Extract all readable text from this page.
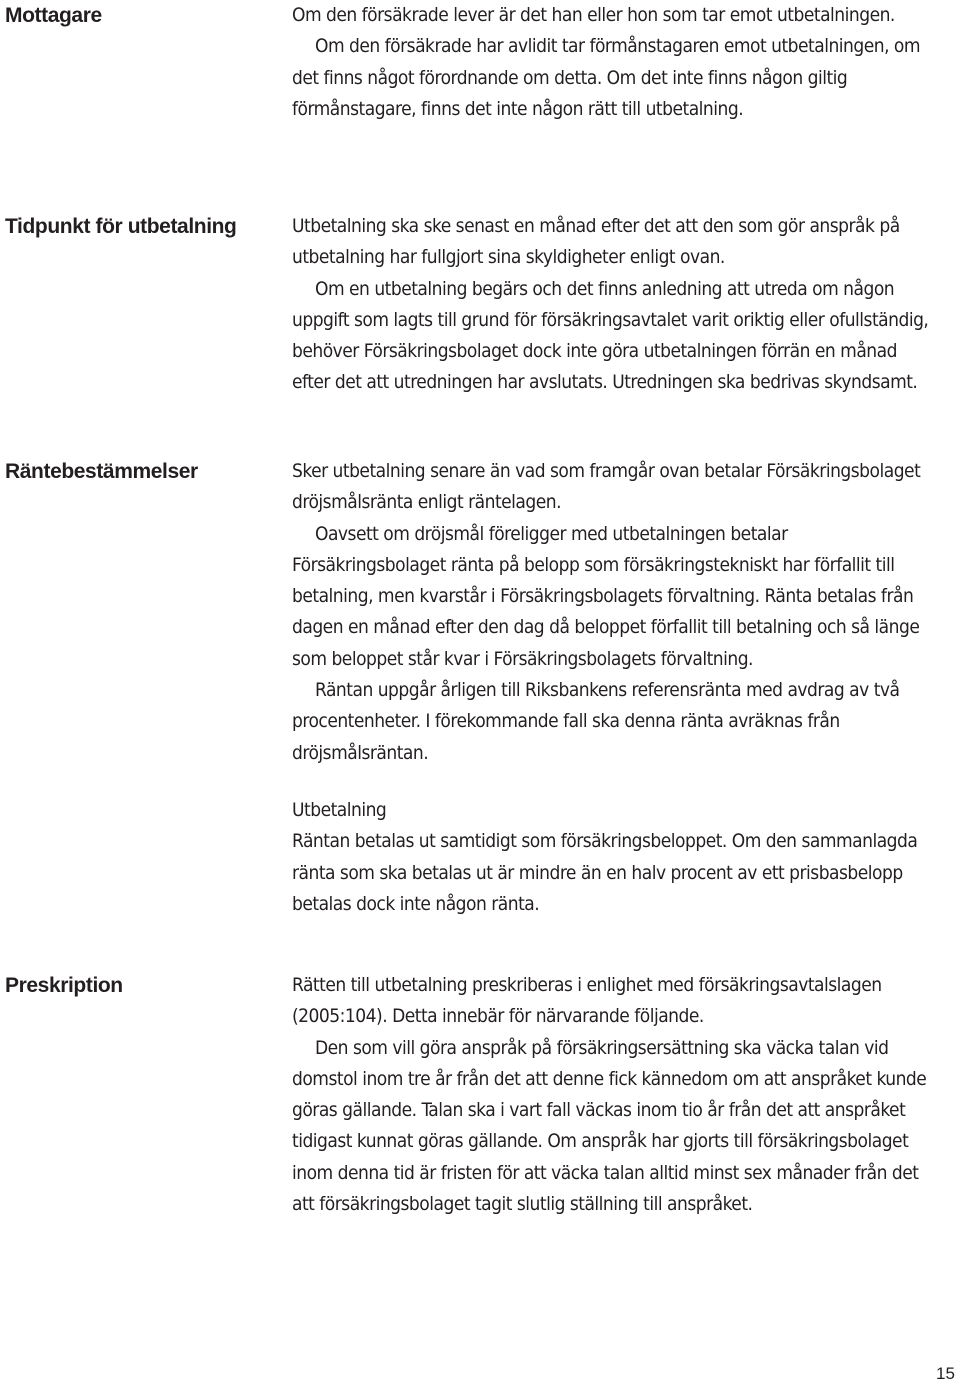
Mottagare	Om den försäkrade lever är det han eller hon som tar emot utbetalningen.

Om den försäkrade har avlidit tar förmånstagaren emot utbetalningen, om det finns något förordnande om detta. Om det inte finns någon giltig förmånstagare, finns det inte någon rätt till utbetalning.

Tidpunkt för utbetalning	Utbetalning ska ske senast en månad efter det att den som gör anspråk på utbetalning har fullgjort sina skyldigheter enligt ovan.

Om en utbetalning begärs och det finns anledning att utreda om någon uppgift som lagts till grund för försäkringsavtalet varit oriktig eller ofullständig, behöver Försäkringsbolaget dock inte göra utbetalningen förrän en månad efter det att utredningen har avslutats. Utredningen ska bedrivas skyndsamt.

Räntebestämmelser	Sker utbetalning senare än vad som framgår ovan betalar Försäkringsbolaget dröjsmålsränta enligt räntelagen.

Oavsett om dröjsmål föreligger med utbetalningen betalar Försäkringsbolaget ränta på belopp som försäkringstekniskt har förfallit till betalning, men kvarstår i Försäkringsbolagets förvaltning. Ränta betalas från dagen en månad efter den dag då beloppet förfallit till betalning och så länge som beloppet står kvar i Försäkringsbolagets förvaltning.

Räntan uppgår årligen till Riksbankens referensränta med avdrag av två procentenheter. I förekommande fall ska denna ränta avräknas från dröjsmålsräntan.

Utbetalning

Räntan betalas ut samtidigt som försäkringsbeloppet. Om den sammanlagda ränta som ska betalas ut är mindre än en halv procent av ett prisbasbelopp betalas dock inte någon ränta.

Preskription	Rätten till utbetalning preskriberas i enlighet med försäkringsavtalslagen (2005:104). Detta innebär för närvarande följande.

Den som vill göra anspråk på försäkringsersättning ska väcka talan vid domstol inom tre år från det att denne fick kännedom om att anspråket kunde göras gällande. Talan ska i vart fall väckas inom tio år från det att anspråket tidigast kunnat göras gällande. Om anspråk har gjorts till försäkringsbolaget inom denna tid är fristen för att väcka talan alltid minst sex månader från det att försäkringsbolaget tagit slutlig ställning till anspråket.

15
